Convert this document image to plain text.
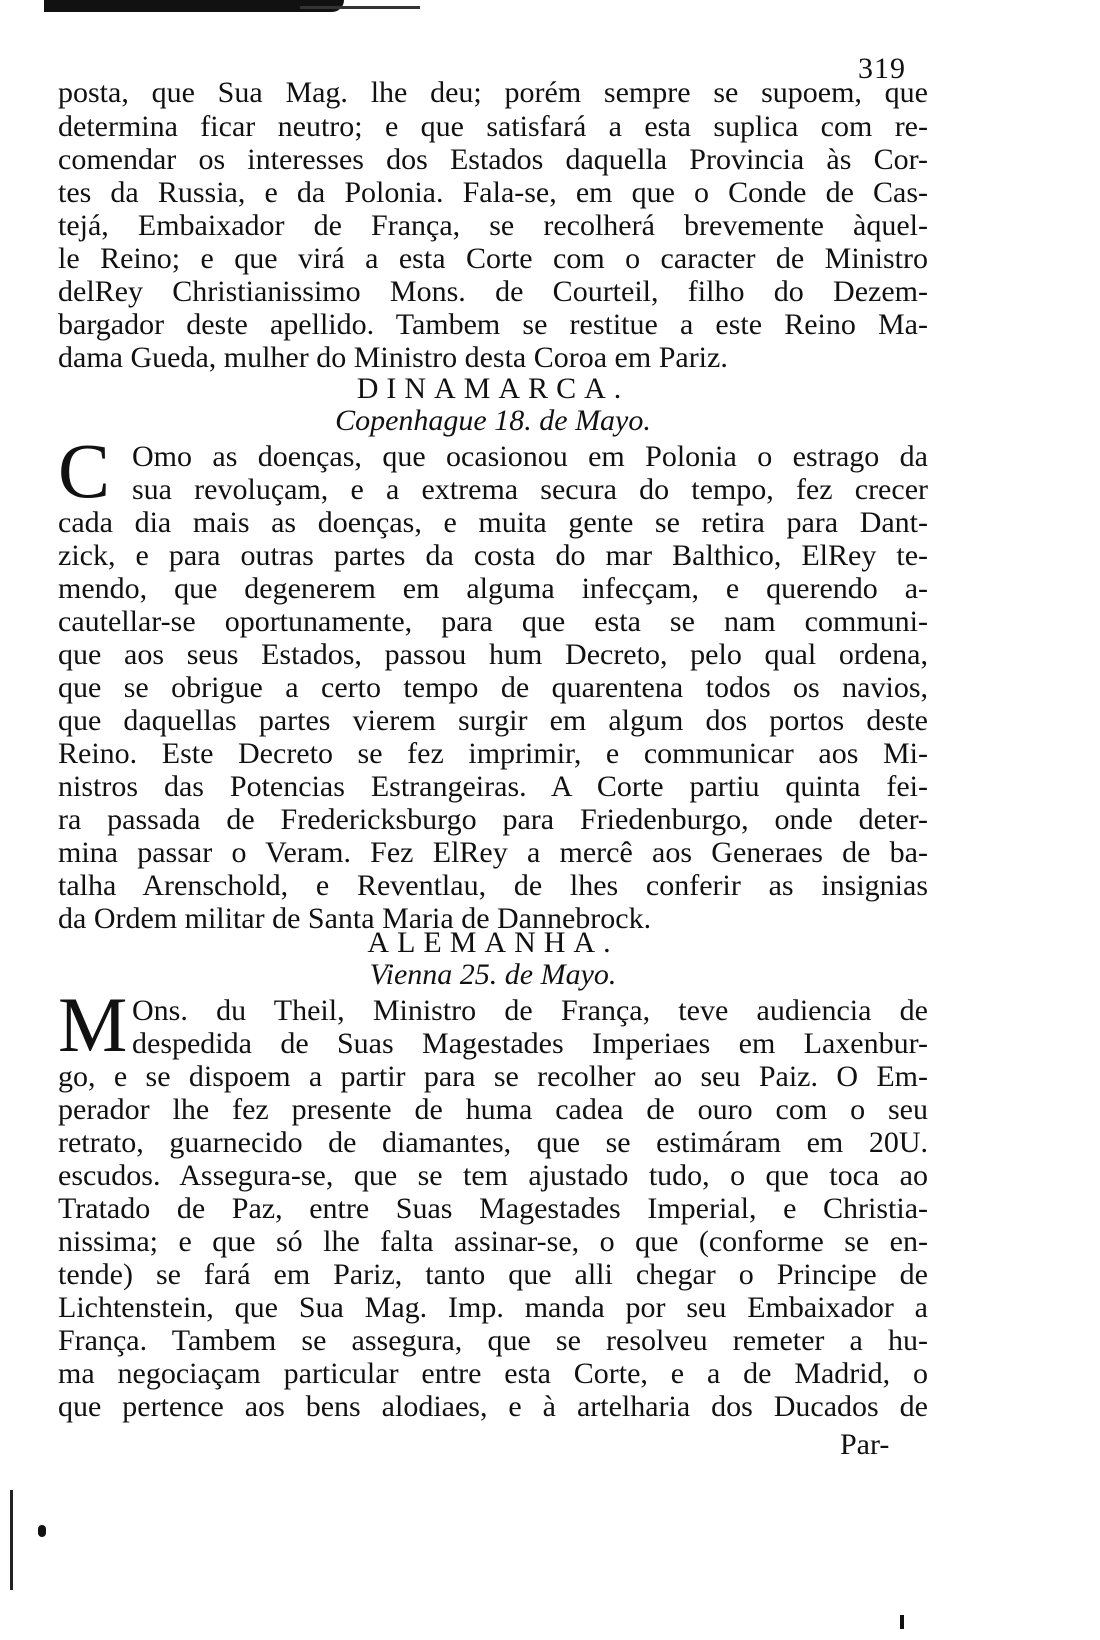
319
posta, que Sua Mag. lhe deu; porém sempre se supoem, que
determina ficar neutro; e que satisfará a esta suplica com re-
comendar os interesses dos Estados daquella Provincia às Cor-
tes da Russia, e da Polonia. Fala-se, em que o Conde de Cas-
tejá, Embaixador de França, se recolherá brevemente àquel-
le Reino; e que virá a esta Corte com o caracter de Ministro
delRey Christianissimo Mons. de Courteil, filho do Dezem-
bargador deste apellido. Tambem se restitue a este Reino Ma-
dama Gueda, mulher do Ministro desta Coroa em Pariz.
DINAMARCA.
Copenhague 18. de Mayo.
C Omo as doenças, que ocasionou em Polonia o estrago da
sua revoluçam, e a extrema secura do tempo, fez crecer
cada dia mais as doenças, e muita gente se retira para Dant-
zick, e para outras partes da costa do mar Balthico, ElRey te-
mendo, que degenerem em alguma infecçam, e querendo a-
cautellar-se oportunamente, para que esta se nam communi-
que aos seus Estados, passou hum Decreto, pelo qual ordena,
que se obrigue a certo tempo de quarentena todos os navios,
que daquellas partes vierem surgir em algum dos portos deste
Reino. Este Decreto se fez imprimir, e communicar aos Mi-
nistros das Potencias Estrangeiras. A Corte partiu quinta fei-
ra passada de Fredericksburgo para Friedenburgo, onde deter-
mina passar o Veram. Fez ElRey a mercê aos Generaes de ba-
talha Arenschold, e Reventlau, de lhes conferir as insignias
da Ordem militar de Santa Maria de Dannebrock.
ALEMANHA.
Vienna 25. de Mayo.
M Ons. du Theil, Ministro de França, teve audiencia de
despedida de Suas Magestades Imperiaes em Laxenbur-
go, e se dispoem a partir para se recolher ao seu Paiz. O Em-
perador lhe fez presente de huma cadea de ouro com o seu
retrato, guarnecido de diamantes, que se estimáram em 20U.
escudos. Assegura-se, que se tem ajustado tudo, o que toca ao
Tratado de Paz, entre Suas Magestades Imperial, e Christia-
nissima; e que só lhe falta assinar-se, o que (conforme se en-
tende) se fará em Pariz, tanto que alli chegar o Principe de
Lichtenstein, que Sua Mag. Imp. manda por seu Embaixador a
França. Tambem se assegura, que se resolveu remeter a hu-
ma negociaçam particular entre esta Corte, e a de Madrid, o
que pertence aos bens alodiaes, e à artelharia dos Ducados de
Par-
